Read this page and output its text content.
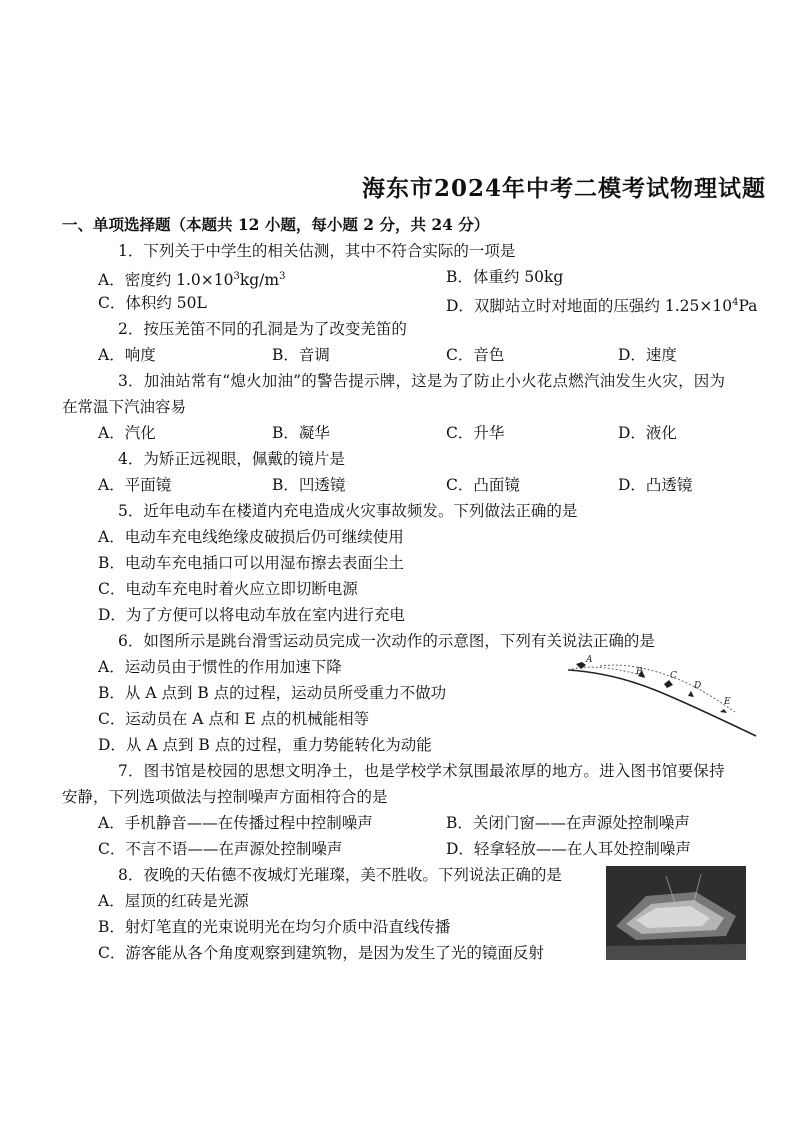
海东市2024年中考二模考试物理试题
一、单项选择题（本题共 12 小题，每小题 2 分，共 24 分）
1．下列关于中学生的相关估测，其中不符合实际的一项是
A．密度约 $1.0\times 10^3kg/m^3$	B．体重约 50kg
C．体积约 50L	D．双脚站立时对地面的压强约 $1.25\times 10^4Pa$
2．按压羌笛不同的孔洞是为了改变羌笛的
A．响度	B．音调	C．音色	D．速度
3．加油站常有“熄火加油”的警告提示牌，这是为了防止小火花点燃汽油发生火灾，因为
在常温下汽油容易
A．汽化	B．凝华	C．升华	D．液化
4．为矫正远视眼，佩戴的镜片是
A．平面镜	B．凹透镜	C．凸面镜	D．凸透镜
5．近年电动车在楼道内充电造成火灾事故频发。下列做法正确的是
A．电动车充电线绝缘皮破损后仍可继续使用
B．电动车充电插口可以用湿布擦去表面尘土
C．电动车充电时着火应立即切断电源
D．为了方便可以将电动车放在室内进行充电
6．如图所示是跳台滑雪运动员完成一次动作的示意图，下列有关说法正确的是
A．运动员由于惯性的作用加速下降
B．从 A 点到 B 点的过程，运动员所受重力不做功
C．运动员在 A 点和 E 点的机械能相等
D．从 A 点到 B 点的过程，重力势能转化为动能
A
B	C
D
E
7．图书馆是校园的思想文明净土，也是学校学术氛围最浓厚的地方。进入图书馆要保持
安静，下列选项做法与控制噪声方面相符合的是
A．手机静音——在传播过程中控制噪声	B．关闭门窗——在声源处控制噪声
C．不言不语——在声源处控制噪声	D．轻拿轻放——在人耳处控制噪声
8．夜晚的天佑德不夜城灯光璀璨，美不胜收。下列说法正确的是
A．屋顶的红砖是光源
B．射灯笔直的光束说明光在均匀介质中沿直线传播
C．游客能从各个角度观察到建筑物，是因为发生了光的镜面反射
